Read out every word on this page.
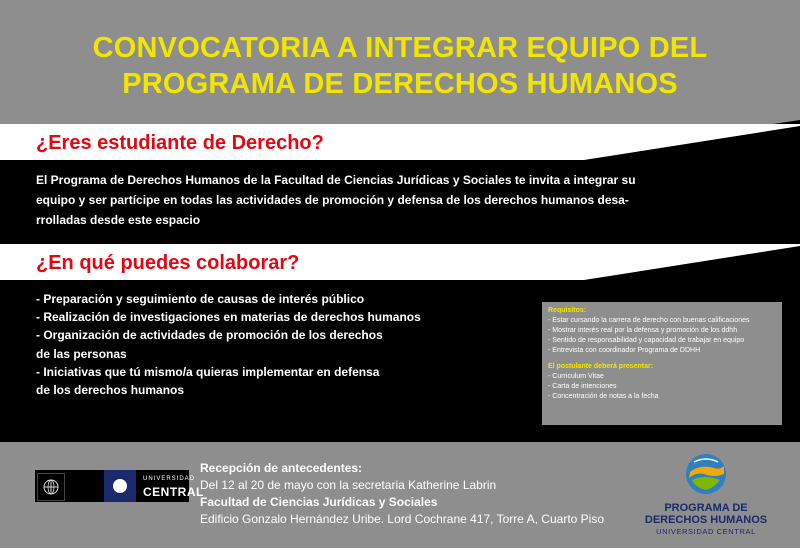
CONVOCATORIA A INTEGRAR EQUIPO DEL
PROGRAMA DE DERECHOS HUMANOS
¿Eres estudiante de Derecho?
El Programa de Derechos Humanos de la Facultad de Ciencias Jurídicas y Sociales te invita a integrar su
equipo y ser partícipe en todas las actividades de promoción y defensa de los derechos humanos desa-
rrolladas desde este espacio
¿En qué puedes colaborar?
- Preparación y seguimiento de causas de interés público
- Realización de investigaciones en materias de derechos humanos
- Organización de actividades de promoción de los derechos
de las personas
- Iniciativas que tú mismo/a quieras implementar en defensa
de los derechos humanos
Requisitos:
- Estar cursando la carrera de derecho con buenas calificaciones
- Mostrar interés real por la defensa y promoción de los ddhh
- Sentido de responsabilidad y capacidad de trabajar en equipo
- Entrevista con coordinador Programa de DDHH
El postulante deberá presentar:
- Curriculum Vitae
- Carta de intenciones
- Concentración de notas a la fecha
UNIVERSIDAD
CENTRAL
Recepción de antecedentes:
Del 12 al 20 de mayo con la secretaria Katherine Labrin
Facultad de Ciencias Jurídicas y Sociales
Edificio Gonzalo Hernández Uribe. Lord Cochrane 417, Torre A, Cuarto Piso
PROGRAMA DE
DERECHOS HUMANOS
UNIVERSIDAD CENTRAL
